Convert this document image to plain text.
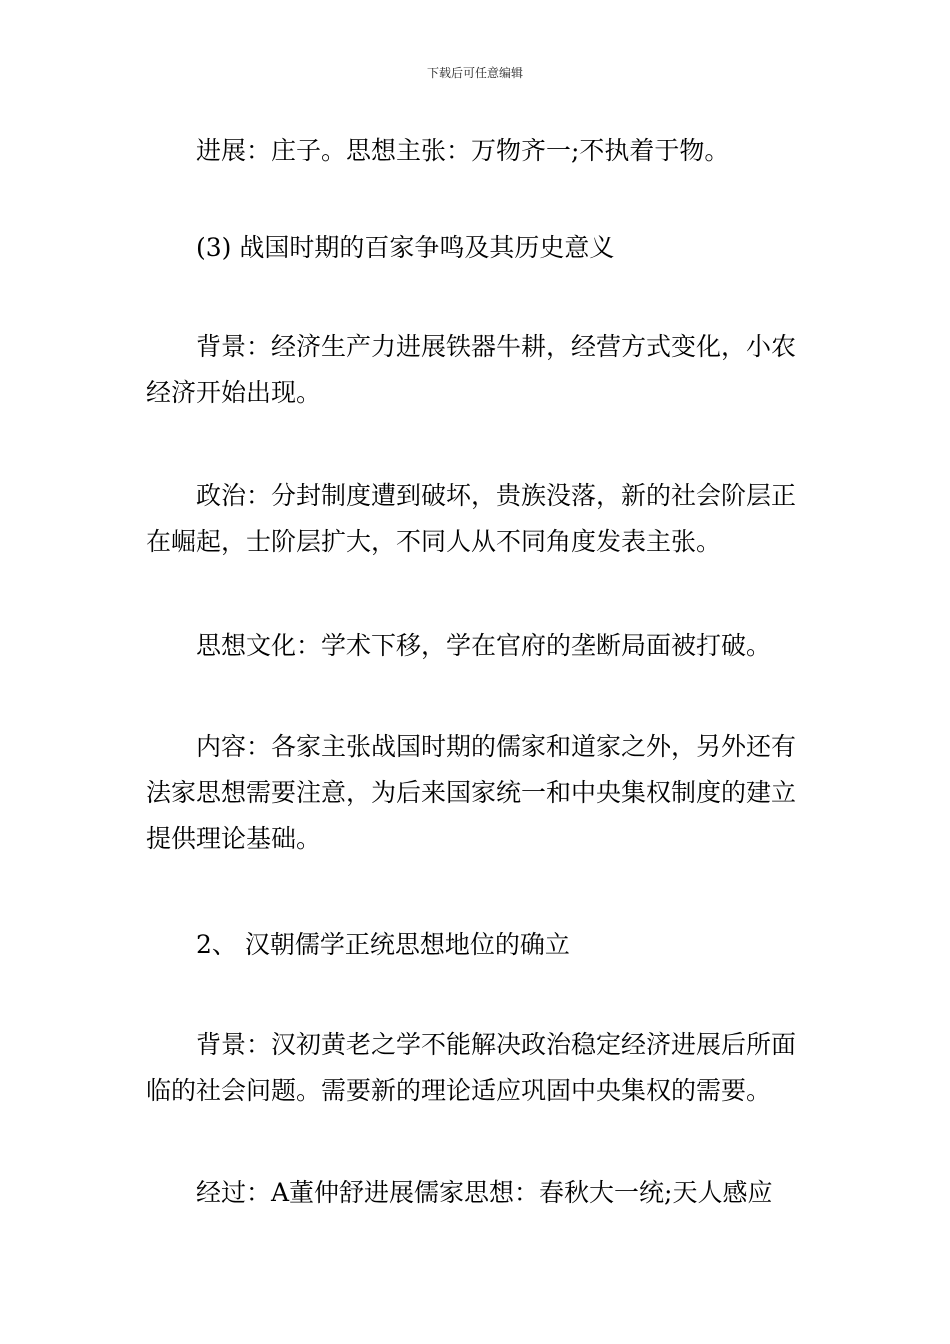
下载后可任意编辑

进展：庄子。思想主张：万物齐一;不执着于物。

(3) 战国时期的百家争鸣及其历史意义

背景：经济生产力进展铁器牛耕，经营方式变化，小农经济开始出现。

政治：分封制度遭到破坏，贵族没落，新的社会阶层正在崛起，士阶层扩大，不同人从不同角度发表主张。

思想文化：学术下移，学在官府的垄断局面被打破。

内容：各家主张战国时期的儒家和道家之外，另外还有法家思想需要注意，为后来国家统一和中央集权制度的建立提供理论基础。

2、 汉朝儒学正统思想地位的确立

背景：汉初黄老之学不能解决政治稳定经济进展后所面临的社会问题。需要新的理论适应巩固中央集权的需要。

经过：A董仲舒进展儒家思想：春秋大一统;天人感应
